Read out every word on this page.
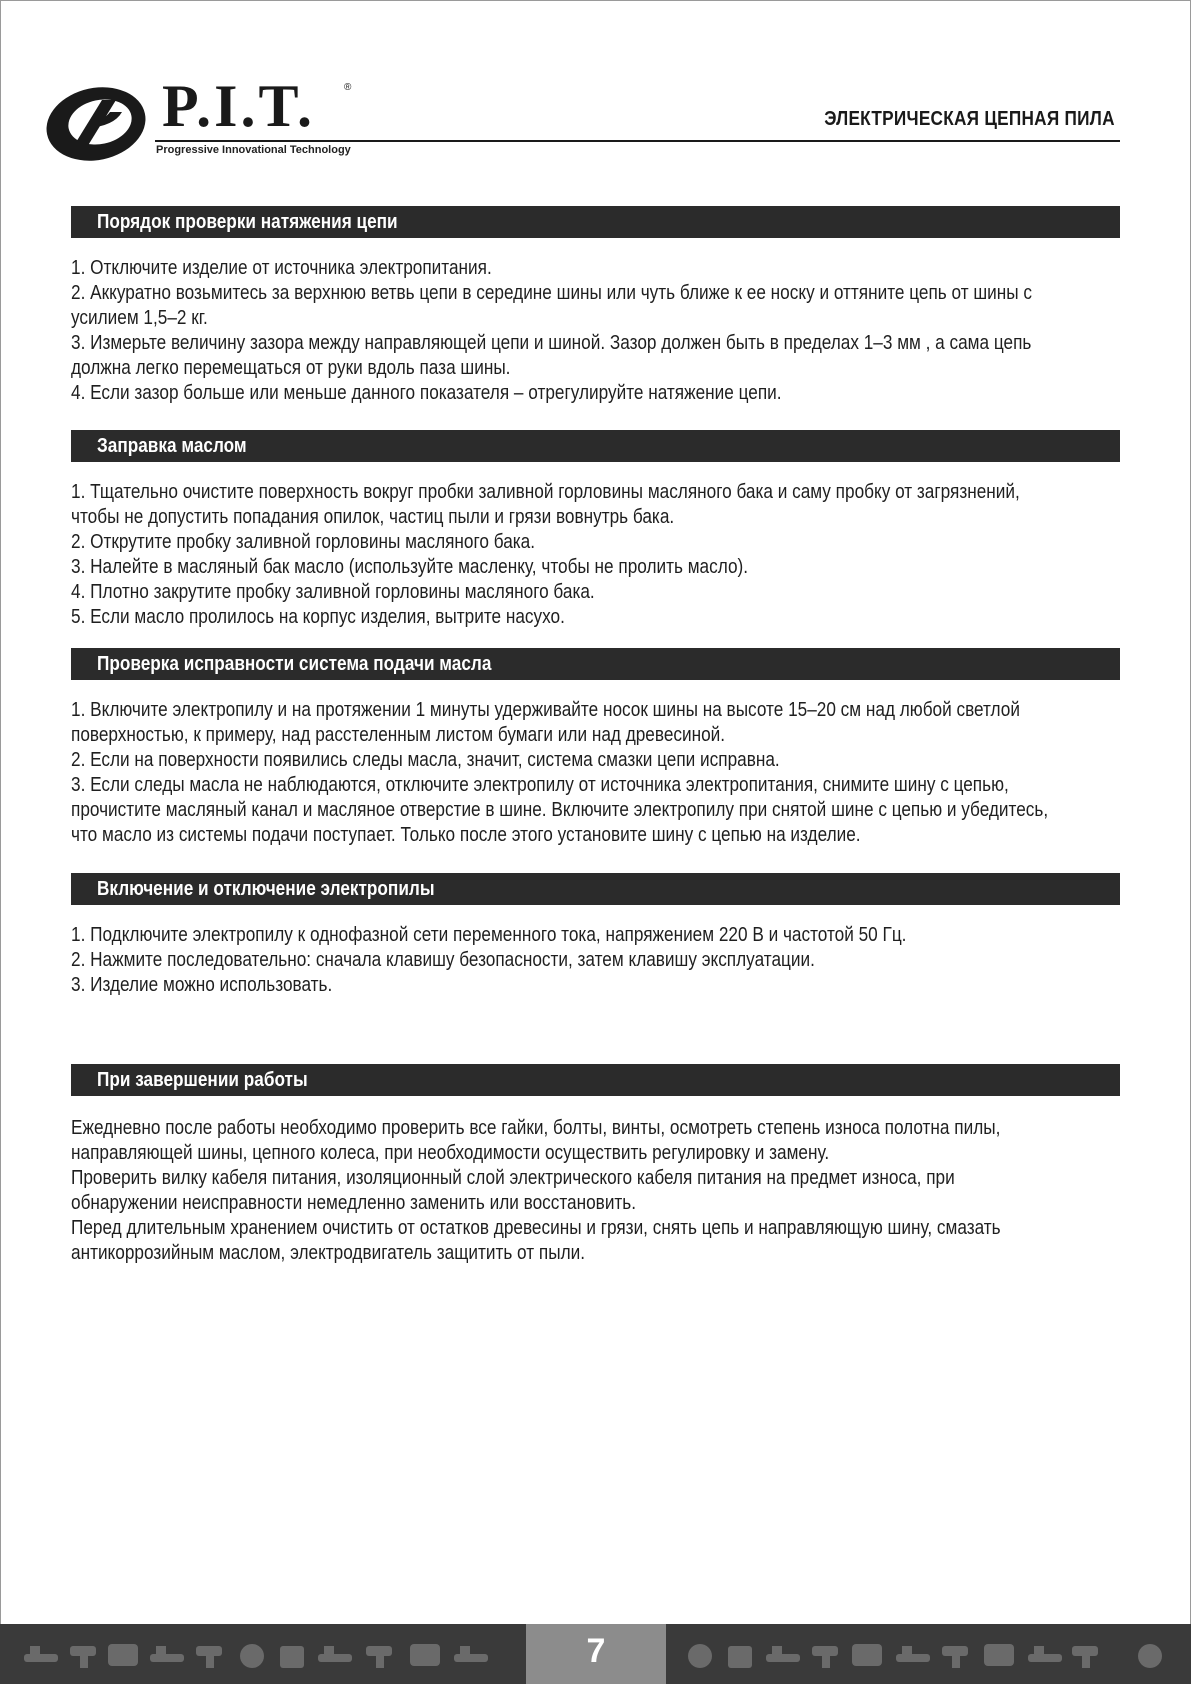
P.I.T.	®
Progressive Innovational Technology
ЭЛЕКТРИЧЕСКАЯ ЦЕПНАЯ ПИЛА
Порядок проверки натяжения цепи
1. Отключите изделие от источника электропитания.
2. Аккуратно возьмитесь за верхнюю ветвь цепи в середине шины или чуть ближе к ее носку и оттяните цепь от шины с
усилием 1,5–2 кг.
3. Измерьте величину зазора между направляющей цепи и шиной. Зазор должен быть в пределах 1–3 мм , а сама цепь
должна легко перемещаться от руки вдоль паза шины.
4. Если зазор больше или меньше данного показателя – отрегулируйте натяжение цепи.
Заправка маслом
1. Тщательно очистите поверхность вокруг пробки заливной горловины масляного бака и саму пробку от загрязнений,
чтобы не допустить попадания опилок, частиц пыли и грязи вовнутрь бака.
2. Открутите пробку заливной горловины масляного бака.
3. Налейте в масляный бак масло (используйте масленку, чтобы не пролить масло).
4. Плотно закрутите пробку заливной горловины масляного бака.
5. Если масло пролилось на корпус изделия, вытрите насухо.
Проверка исправности система подачи масла
1. Включите электропилу и на протяжении 1 минуты удерживайте носок шины на высоте 15–20 см над любой светлой
поверхностью, к примеру, над расстеленным листом бумаги или над древесиной.
2. Если на поверхности появились следы масла, значит, система смазки цепи исправна.
3. Если следы масла не наблюдаются, отключите электропилу от источника электропитания, снимите шину с цепью,
прочистите масляный канал и масляное отверстие в шине. Включите электропилу при снятой шине с цепью и убедитесь,
что масло из системы подачи поступает. Только после этого установите шину с цепью на изделие.
Включение и отключение электропилы
1. Подключите электропилу к однофазной сети переменного тока, напряжением 220 В и частотой 50 Гц.
2. Нажмите последовательно: сначала клавишу безопасности, затем клавишу эксплуатации.
3. Изделие можно использовать.
При завершении работы
Ежедневно после работы необходимо проверить все гайки, болты, винты, осмотреть степень износа полотна пилы,
направляющей шины, цепного колеса, при необходимости осуществить регулировку и замену.
Проверить вилку кабеля питания, изоляционный слой электрического кабеля питания на предмет износа, при
обнаружении неисправности немедленно заменить или восстановить.
Перед длительным хранением очистить от остатков древесины и грязи, снять цепь и направляющую шину, смазать
антикоррозийным маслом, электродвигатель защитить от пыли.
7
